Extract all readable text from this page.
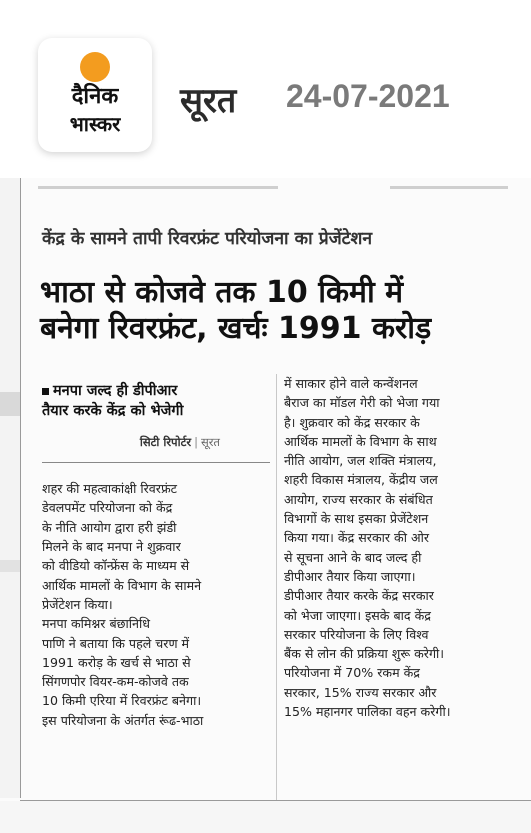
दैनिक
भास्कर
सूरत 24-07-2021
केंद्र के सामने तापी रिवरफ्रंट परियोजना का प्रेजेंटेशन
भाठा से कोजवे तक 10 किमी में
बनेगा रिवरफ्रंट, खर्चः 1991 करोड़
मनपा जल्द ही डीपीआर
तैयार करके केंद्र को भेजेगी
सिटी रिपोर्टर | सूरत
शहर की महत्वाकांक्षी रिवरफ्रंट
डेवलपमेंट परियोजना को केंद्र
के नीति आयोग द्वारा हरी झंडी
मिलने के बाद मनपा ने शुक्रवार
को वीडियो कॉन्फ्रेंस के माध्यम से
आर्थिक मामलों के विभाग के सामने
प्रेजेंटेशन किया।
मनपा कमिश्नर बंछानिधि
पाणि ने बताया कि पहले चरण में
1991 करोड़ के खर्च से भाठा से
सिंगणपोर वियर-कम-कोजवे तक
10 किमी एरिया में रिवरफ्रंट बनेगा।
इस परियोजना के अंतर्गत रूंढ-भाठा
में साकार होने वाले कन्वेंशनल
बैराज का मॉडल गेरी को भेजा गया
है। शुक्रवार को केंद्र सरकार के
आर्थिक मामलों के विभाग के साथ
नीति आयोग, जल शक्ति मंत्रालय,
शहरी विकास मंत्रालय, केंद्रीय जल
आयोग, राज्य सरकार के संबंधित
विभागों के साथ इसका प्रेजेंटेशन
किया गया। केंद्र सरकार की ओर
से सूचना आने के बाद जल्द ही
डीपीआर तैयार किया जाएगा।
डीपीआर तैयार करके केंद्र सरकार
को भेजा जाएगा। इसके बाद केंद्र
सरकार परियोजना के लिए विश्व
बैंक से लोन की प्रक्रिया शुरू करेगी।
परियोजना में 70% रकम केंद्र
सरकार, 15% राज्य सरकार और
15% महानगर पालिका वहन करेगी।
